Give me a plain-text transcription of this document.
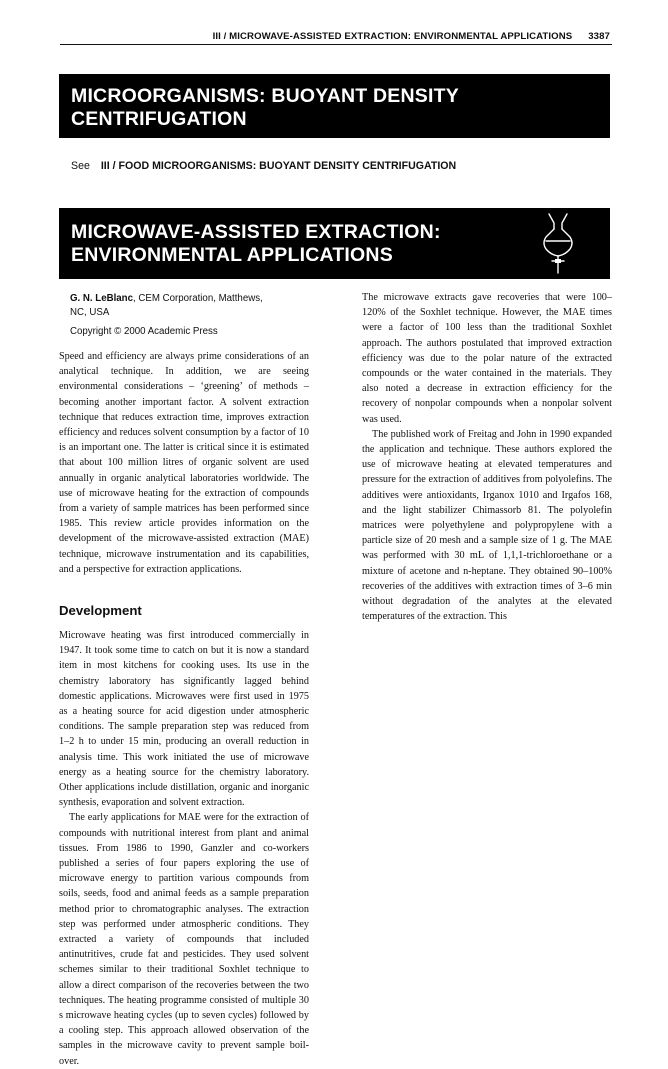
III / MICROWAVE-ASSISTED EXTRACTION: ENVIRONMENTAL APPLICATIONS 3387
MICROORGANISMS: BUOYANT DENSITY
CENTRIFUGATION
See III / FOOD MICROORGANISMS: BUOYANT DENSITY CENTRIFUGATION
MICROWAVE-ASSISTED EXTRACTION:
ENVIRONMENTAL APPLICATIONS
G. N. LeBlanc, CEM Corporation, Matthews,
NC, USA
Copyright © 2000 Academic Press

Speed and efficiency are always prime considerations of an analytical technique. In addition, we are seeing environmental considerations – ‘greening’ of methods – becoming another important factor. A solvent extraction technique that reduces extraction time, improves extraction efficiency and reduces solvent consumption by a factor of 10 is an important one. The latter is critical since it is estimated that about 100 million litres of organic solvent are used annually in organic analytical laboratories worldwide. The use of microwave heating for the extraction of compounds from a variety of sample matrices has been performed since 1985. This review article provides information on the development of the microwave-assisted extraction (MAE) technique, microwave instrumentation and its capabilities, and a perspective for extraction applications.

Development

Microwave heating was first introduced commercially in 1947. It took some time to catch on but it is now a standard item in most kitchens for cooking uses. Its use in the chemistry laboratory has significantly lagged behind domestic applications. Microwaves were first used in 1975 as a heating source for acid digestion under atmospheric conditions. The sample preparation step was reduced from 1–2 h to under 15 min, producing an overall reduction in analysis time. This work initiated the use of microwave energy as a heating source for the chemistry laboratory. Other applications include distillation, organic and inorganic synthesis, evaporation and solvent extraction.

The early applications for MAE were for the extraction of compounds with nutritional interest from plant and animal tissues. From 1986 to 1990, Ganzler and co-workers published a series of four papers exploring the use of microwave energy to partition various compounds from soils, seeds, food and animal feeds as a sample preparation method prior to chromatographic analyses. The extraction step was performed under atmospheric conditions. They extracted a variety of compounds that included antinutritives, crude fat and pesticides. They used solvent schemes similar to their traditional Soxhlet technique to allow a direct comparison of the recoveries between the two techniques. The heating programme consisted of multiple 30 s microwave heating cycles (up to seven cycles) followed by a cooling step. This approach allowed observation of the samples in the microwave cavity to prevent sample boil-over.

The microwave extracts gave recoveries that were 100–120% of the Soxhlet technique. However, the MAE times were a factor of 100 less than the traditional Soxhlet approach. The authors postulated that improved extraction efficiency was due to the polar nature of the extracted compounds or the water contained in the materials. They also noted a decrease in extraction efficiency for the recovery of nonpolar compounds when a nonpolar solvent was used.

The published work of Freitag and John in 1990 expanded the application and technique. These authors explored the use of microwave heating at elevated temperatures and pressure for the extraction of additives from polyolefins. The additives were antioxidants, Irganox 1010 and Irgafos 168, and the light stabilizer Chimassorb 81. The polyolefin matrices were polyethylene and polypropylene with a particle size of 20 mesh and a sample size of 1 g. The MAE was performed with 30 mL of 1,1,1-trichloroethane or a mixture of acetone and n-heptane. They obtained 90–100% recoveries of the additives with extraction times of 3–6 min without degradation of the analytes at the elevated temperatures of the extraction. This
